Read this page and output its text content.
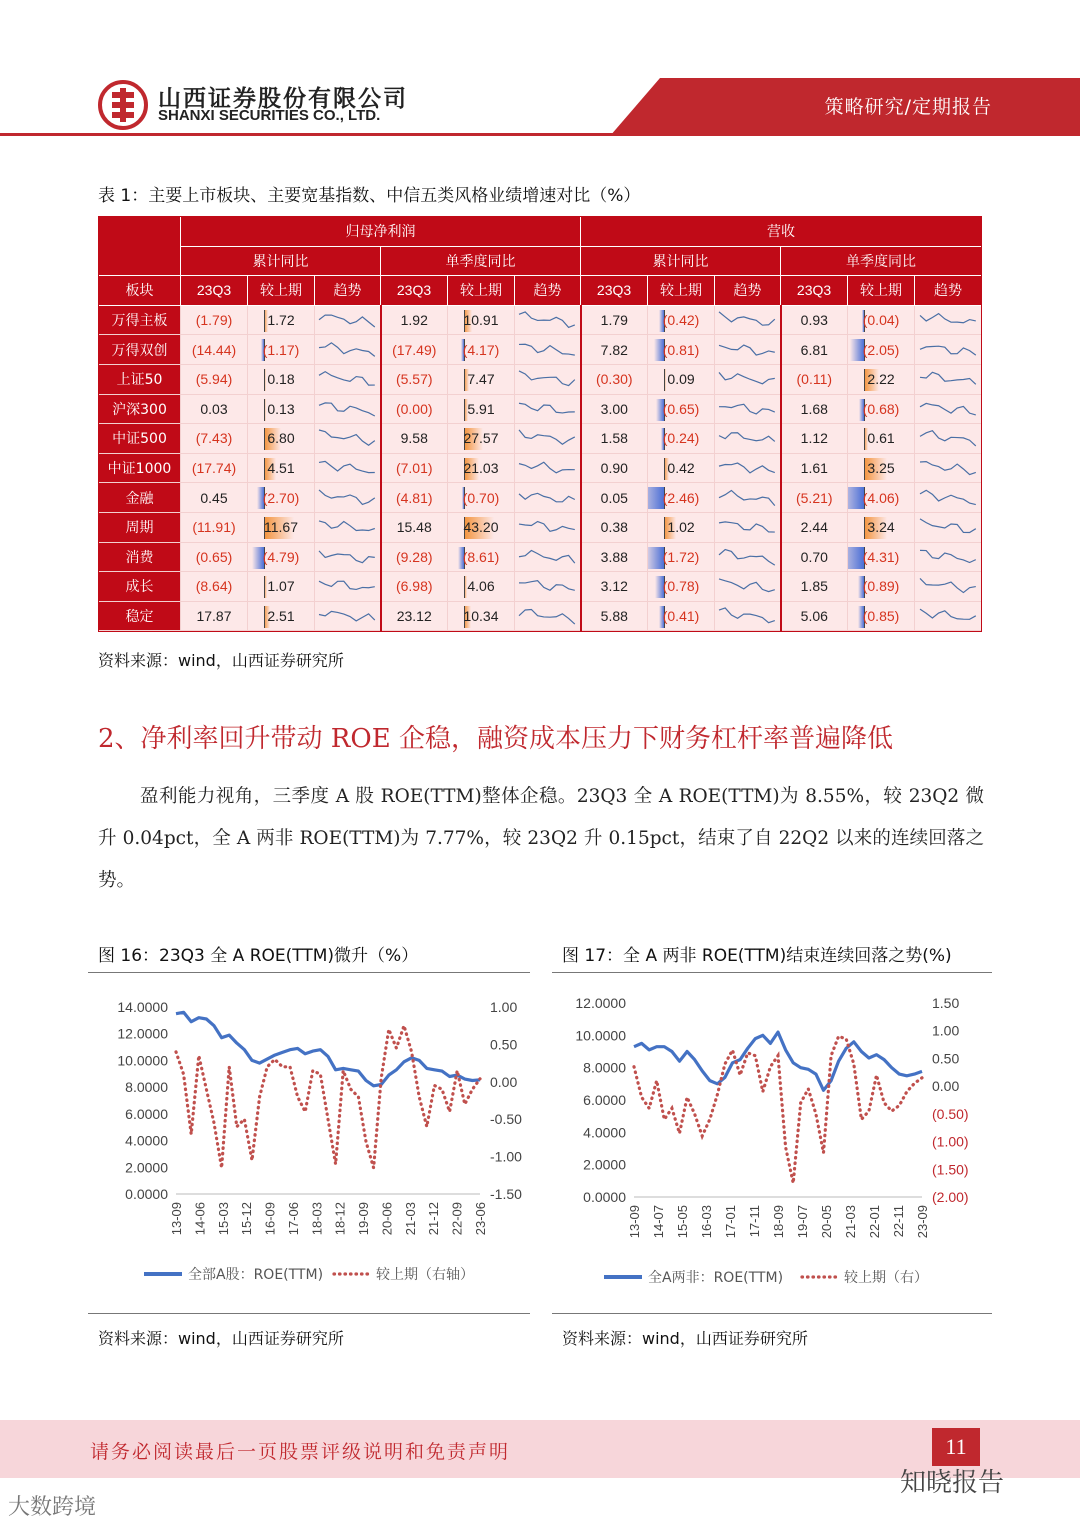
山西证券股份有限公司
SHANXI SECURITIES CO., LTD.	策略研究/定期报告
表 1：主要上市板块、主要宽基指数、中信五类风格业绩增速对比（%）
	归母净利润						营收					
	累计同比			单季度同比			累计同比			单季度同比		
板块	23Q3	较上期	趋势	23Q3	较上期	趋势	23Q3	较上期	趋势	23Q3	较上期	趋势
万得主板	(1.79)	1.72		1.92	10.91		1.79	(0.42)		0.93	(0.04)	

万得双创	(14.44)	(1.17)		(17.49)	(4.17)		7.82	(0.81)		6.81	(2.05)	

上证50	(5.94)	0.18		(5.57)	7.47		(0.30)	0.09		(0.11)	2.22	

沪深300	0.03	0.13		(0.00)	5.91		3.00	(0.65)		1.68	(0.68)	

中证500	(7.43)	6.80		9.58	27.57		1.58	(0.24)		1.12	0.61	

中证1000	(17.74)	4.51		(7.01)	21.03		0.90	0.42		1.61	3.25	

金融	0.45	(2.70)		(4.81)	(0.70)		0.05	(2.46)		(5.21)	(4.06)	

周期	(11.91)	11.67		15.48	43.20		0.38	1.02		2.44	3.24	

消费	(0.65)	(4.79)		(9.28)	(8.61)		3.88	(1.72)		0.70	(4.31)	

成长	(8.64)	1.07		(6.98)	4.06		3.12	(0.78)		1.85	(0.89)	

稳定	17.87	2.51		23.12	10.34		5.88	(0.41)		5.06	(0.85)	
资料来源：wind，山西证券研究所
2、净利率回升带动 ROE 企稳，融资成本压力下财务杠杆率普遍降低
盈利能力视角，三季度 A 股 ROE(TTM)整体企稳。23Q3 全 A ROE(TTM)为 8.55%，较 23Q2 微升 0.04pct，全 A 两非 ROE(TTM)为 7.77%，较 23Q2 升 0.15pct，结束了自 22Q2 以来的连续回落之势。
图 16：23Q3 全 A ROE(TTM)微升（%）
14.0000
12.0000
10.0000
8.0000
6.0000
4.0000
2.0000
0.0000
1.00
0.50
0.00
-0.50
-1.00
-1.50
13-09 14-06 15-03 15-12 16-09 17-06 18-03 18-12 19-09 20-06 21-03 21-12 22-09 23-06
全部A股：ROE(TTM)	较上期（右轴）
资料来源：wind，山西证券研究所
图 17：全 A 两非 ROE(TTM)结束连续回落之势(%)
12.0000
10.0000
8.0000
6.0000
4.0000
2.0000
0.0000
1.50
1.00
0.50
0.00
(0.50)
(1.00)
(1.50)
(2.00)
13-09 14-07 15-05 16-03 17-01 17-11 18-09 19-07 20-05 21-03 22-01 22-11 23-09
全A两非：ROE(TTM)	较上期（右）
资料来源：wind，山西证券研究所
请务必阅读最后一页股票评级说明和免责声明	11
大数跨境
知晓报告
